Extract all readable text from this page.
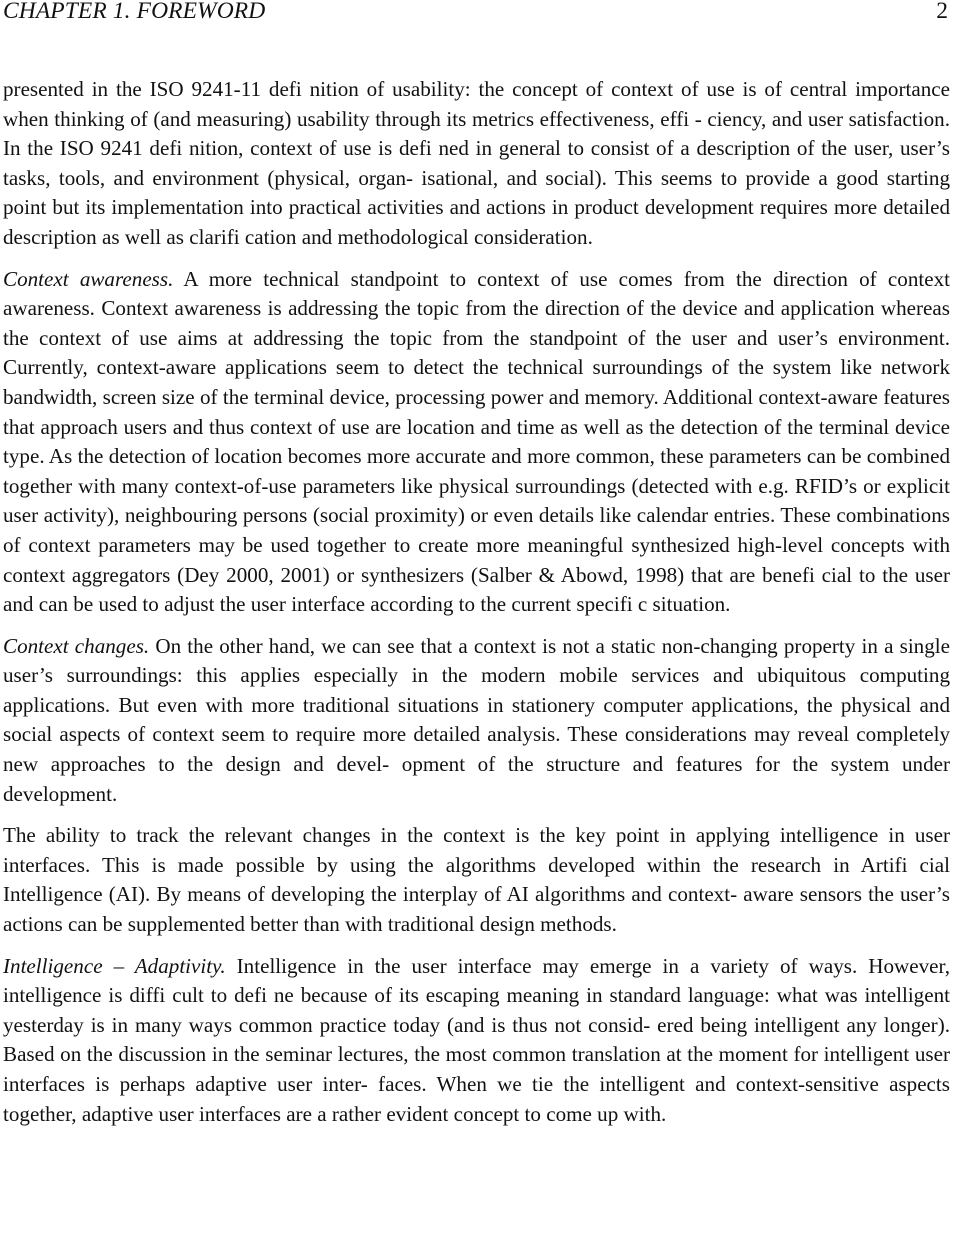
CHAPTER 1. FOREWORD	2

presented in the ISO 9241-11 defi nition of usability: the concept of context of use is of central importance when thinking of (and measuring) usability through its metrics effectiveness, effi - ciency, and user satisfaction. In the ISO 9241 defi nition, context of use is defi ned in general to consist of a description of the user, user’s tasks, tools, and environment (physical, organ- isational, and social). This seems to provide a good starting point but its implementation into practical activities and actions in product development requires more detailed description as well as clarifi cation and methodological consideration.

Context awareness. A more technical standpoint to context of use comes from the direction of context awareness. Context awareness is addressing the topic from the direction of the device and application whereas the context of use aims at addressing the topic from the standpoint of the user and user’s environment. Currently, context-aware applications seem to detect the technical surroundings of the system like network bandwidth, screen size of the terminal device, processing power and memory. Additional context-aware features that approach users and thus context of use are location and time as well as the detection of the terminal device type. As the detection of location becomes more accurate and more common, these parameters can be combined together with many context-of-use parameters like physical surroundings (detected with e.g. RFID’s or explicit user activity), neighbouring persons (social proximity) or even details like calendar entries. These combinations of context parameters may be used together to create more meaningful synthesized high-level concepts with context aggregators (Dey 2000, 2001) or synthesizers (Salber & Abowd, 1998) that are benefi cial to the user and can be used to adjust the user interface according to the current specifi c situation.

Context changes. On the other hand, we can see that a context is not a static non-changing property in a single user’s surroundings: this applies especially in the modern mobile services and ubiquitous computing applications. But even with more traditional situations in stationery computer applications, the physical and social aspects of context seem to require more detailed analysis. These considerations may reveal completely new approaches to the design and devel- opment of the structure and features for the system under development.

The ability to track the relevant changes in the context is the key point in applying intelligence in user interfaces. This is made possible by using the algorithms developed within the research in Artifi cial Intelligence (AI). By means of developing the interplay of AI algorithms and context- aware sensors the user’s actions can be supplemented better than with traditional design methods.

Intelligence – Adaptivity. Intelligence in the user interface may emerge in a variety of ways. However, intelligence is diffi cult to defi ne because of its escaping meaning in standard language: what was intelligent yesterday is in many ways common practice today (and is thus not consid- ered being intelligent any longer). Based on the discussion in the seminar lectures, the most common translation at the moment for intelligent user interfaces is perhaps adaptive user inter- faces. When we tie the intelligent and context-sensitive aspects together, adaptive user interfaces are a rather evident concept to come up with.
